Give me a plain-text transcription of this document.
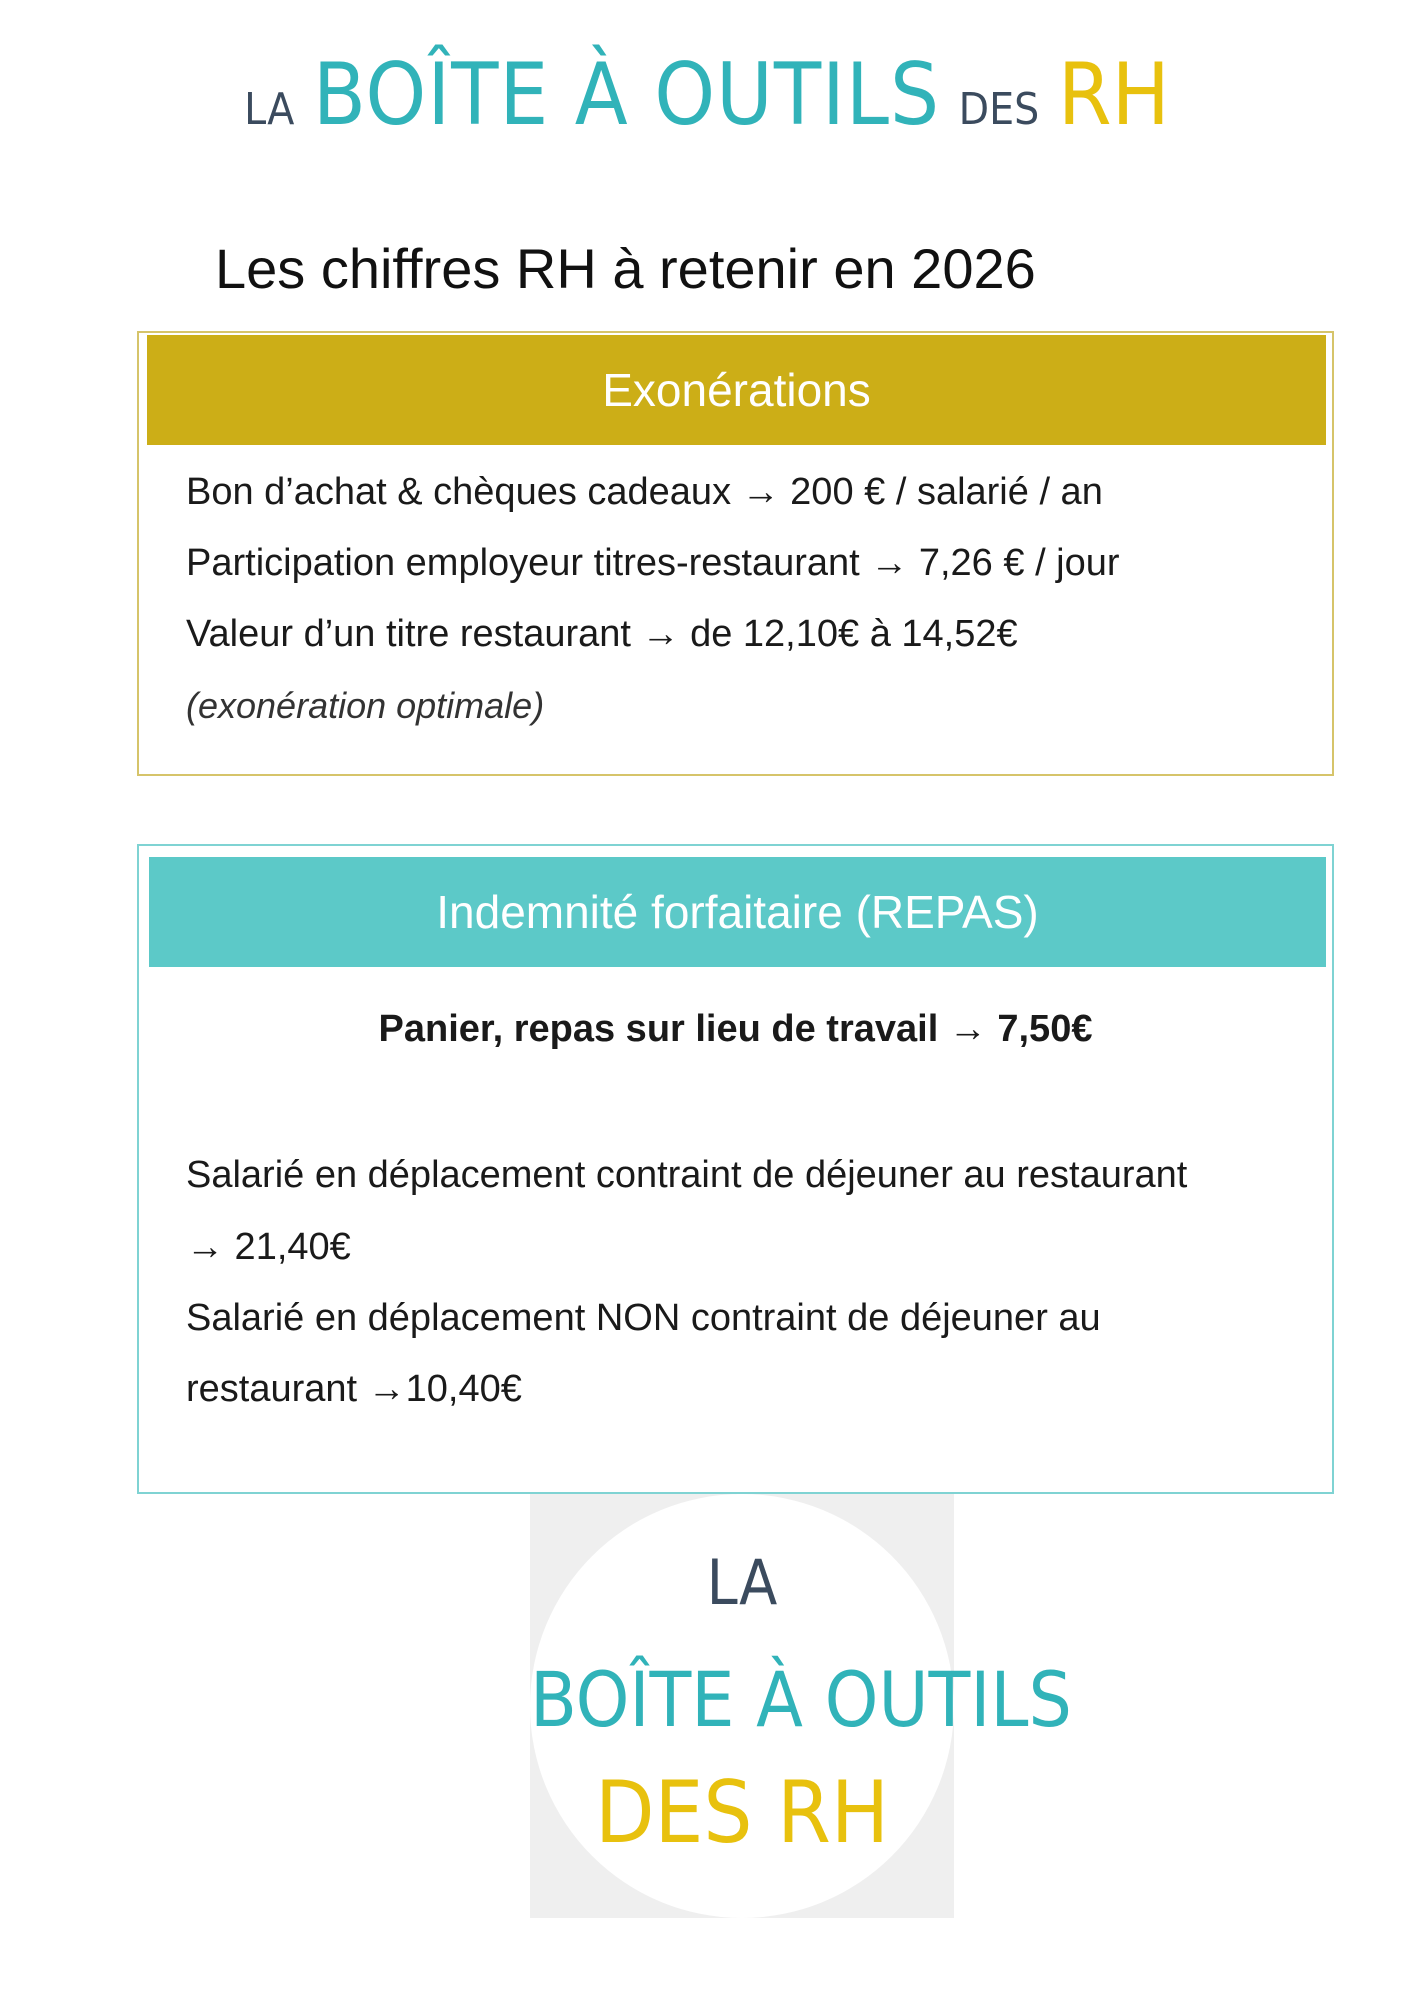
LA BOÎTE À OUTILS DES RH
Les chiffres RH à retenir en 2026
Exonérations

Bon d’achat & chèques cadeaux → 200 € / salarié / an

Participation employeur titres-restaurant → 7,26 € / jour

Valeur d’un titre restaurant → de 12,10€ à 14,52€

(exonération optimale)

Indemnité forfaitaire (REPAS)

Panier, repas sur lieu de travail → 7,50€

Salarié en déplacement contraint de déjeuner au restaurant

→ 21,40€

Salarié en déplacement NON contraint de déjeuner au

restaurant →10,40€

LA
BOÎTE À OUTILS
DES RH
